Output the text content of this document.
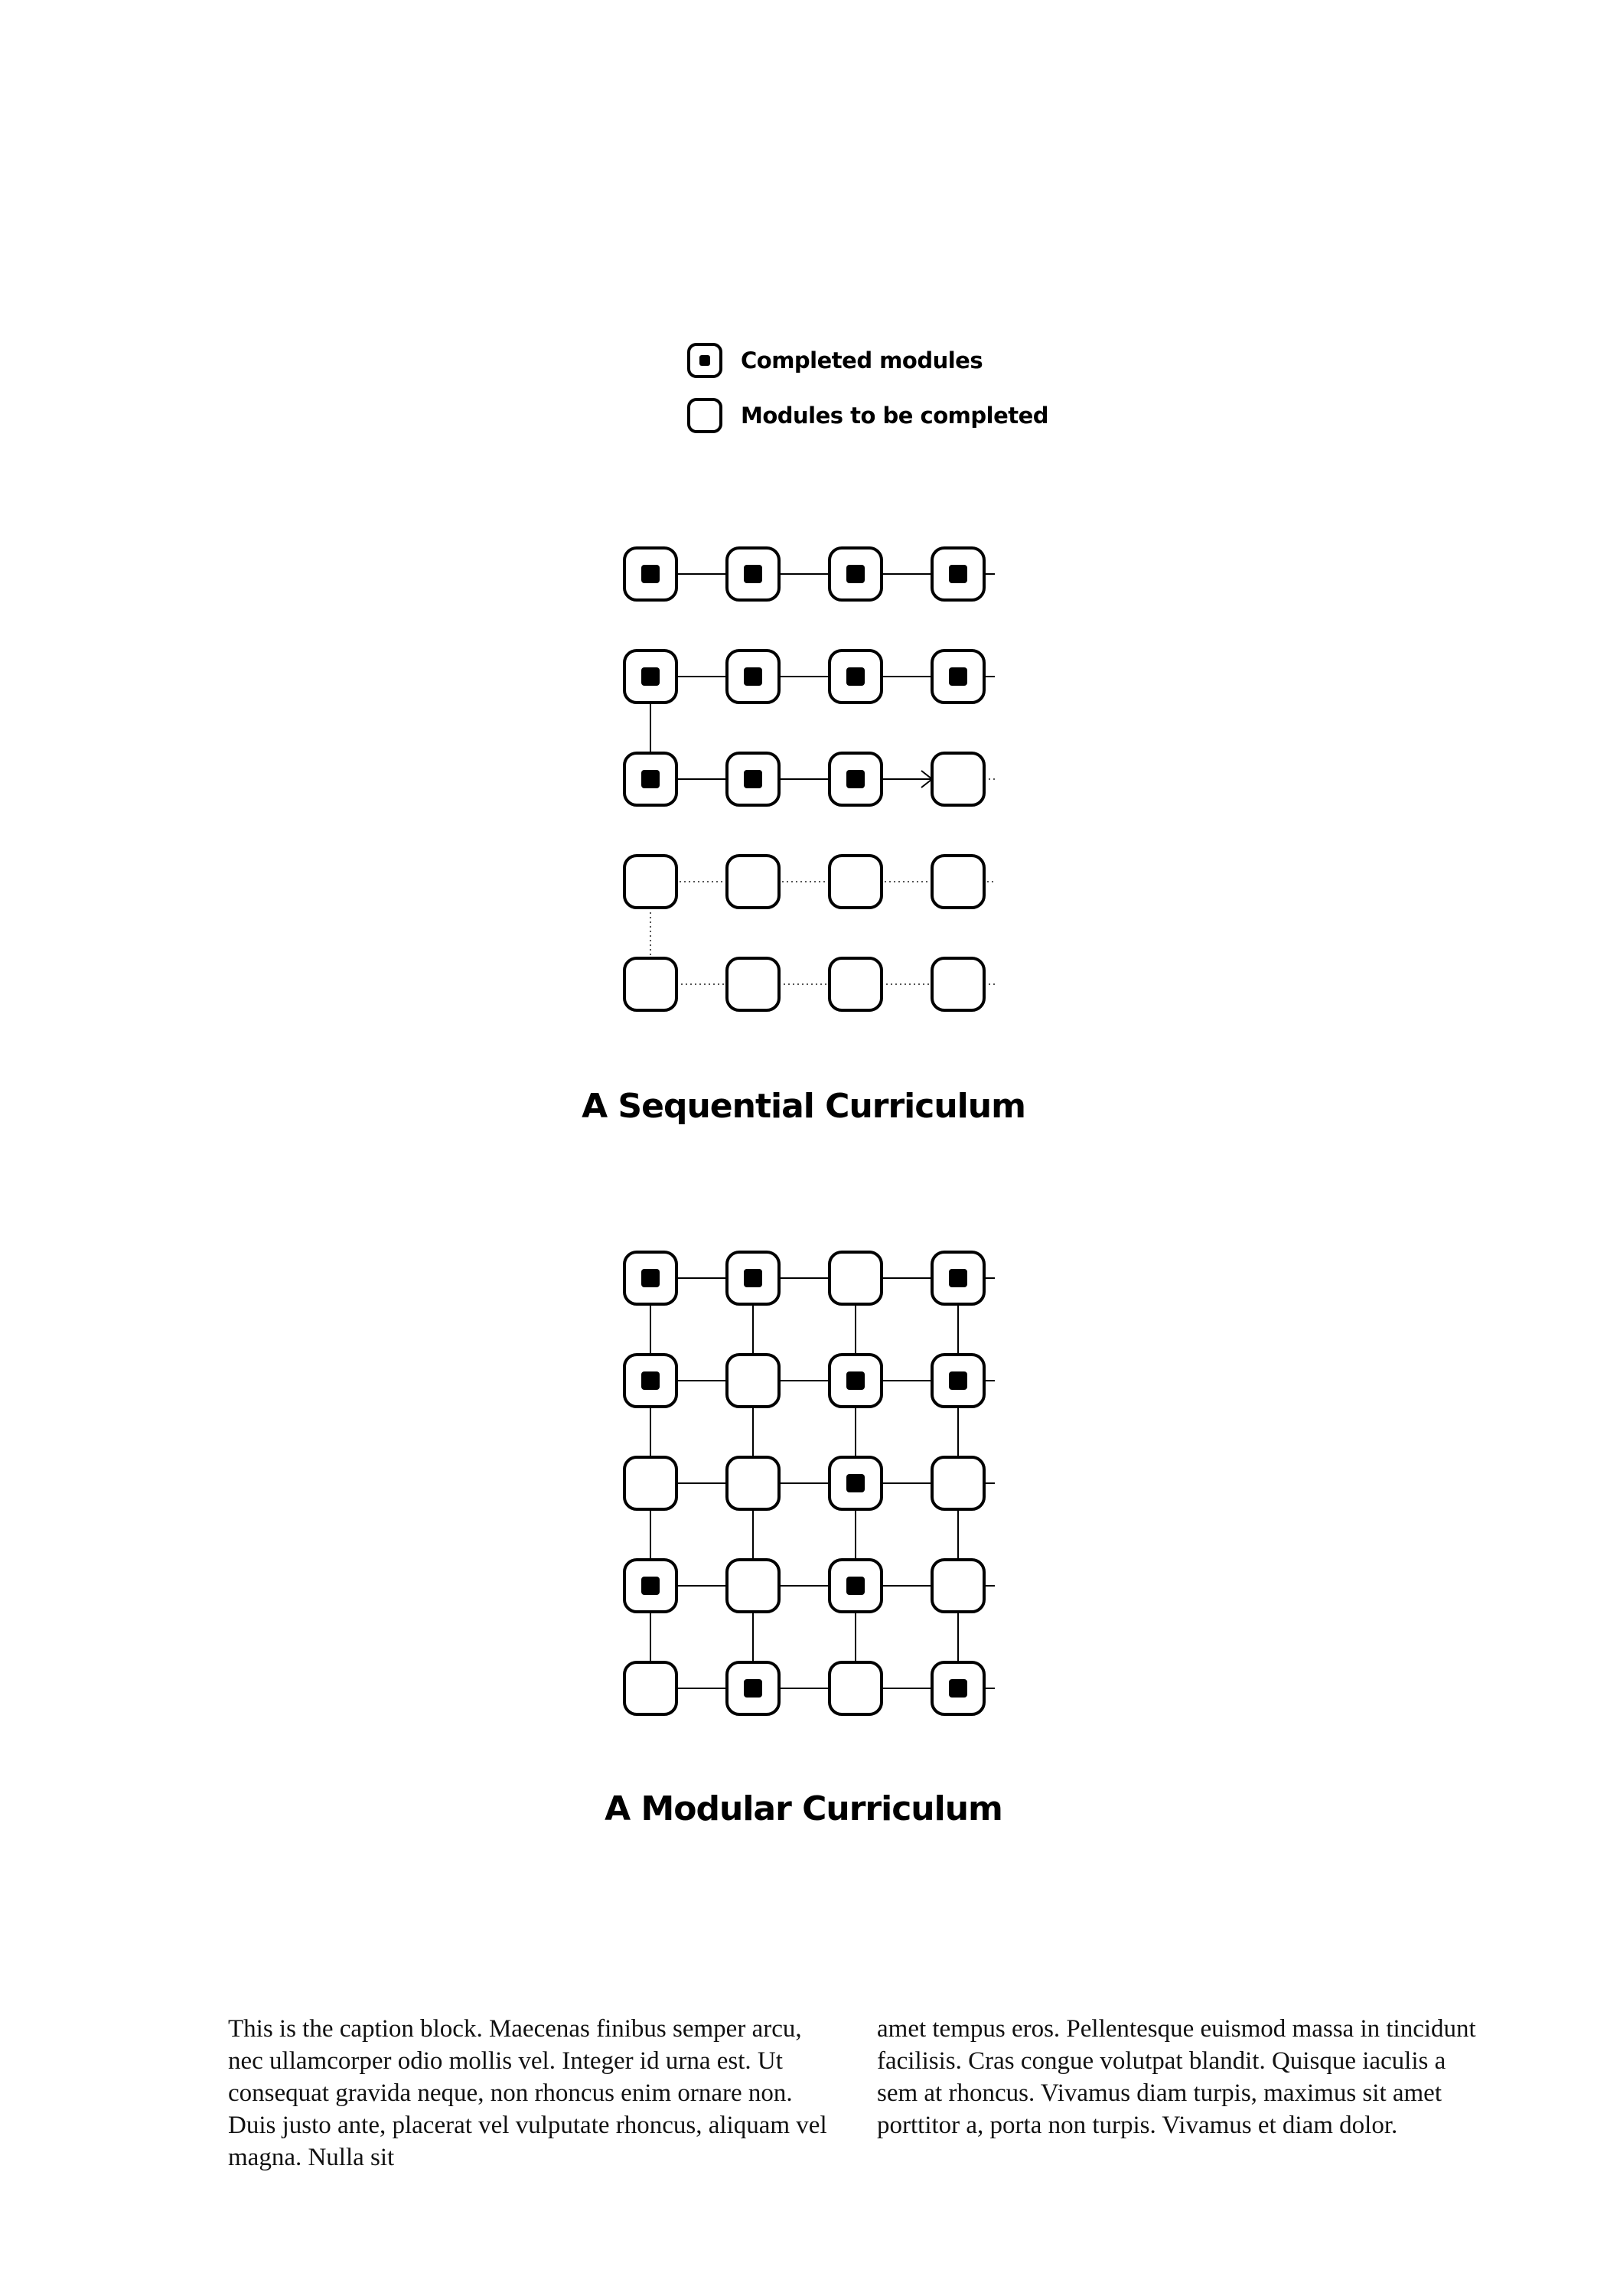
Completed modules
Modules to be completed
A Sequential Curriculum
A Modular Curriculum
This is the caption block. Maecenas finibus semper arcu, nec ullamcorper odio mollis vel. Integer id urna est. Ut consequat gravida neque, non rhoncus enim ornare non. Duis justo ante, placerat vel vulputate rhoncus, aliquam vel magna. Nulla sit
amet tempus eros. Pellentesque euismod massa in tincidunt facilisis. Cras congue volutpat blandit. Quisque iaculis a sem at rhoncus. Vivamus diam turpis, maximus sit amet porttitor a, porta non turpis. Vivamus et diam dolor.
